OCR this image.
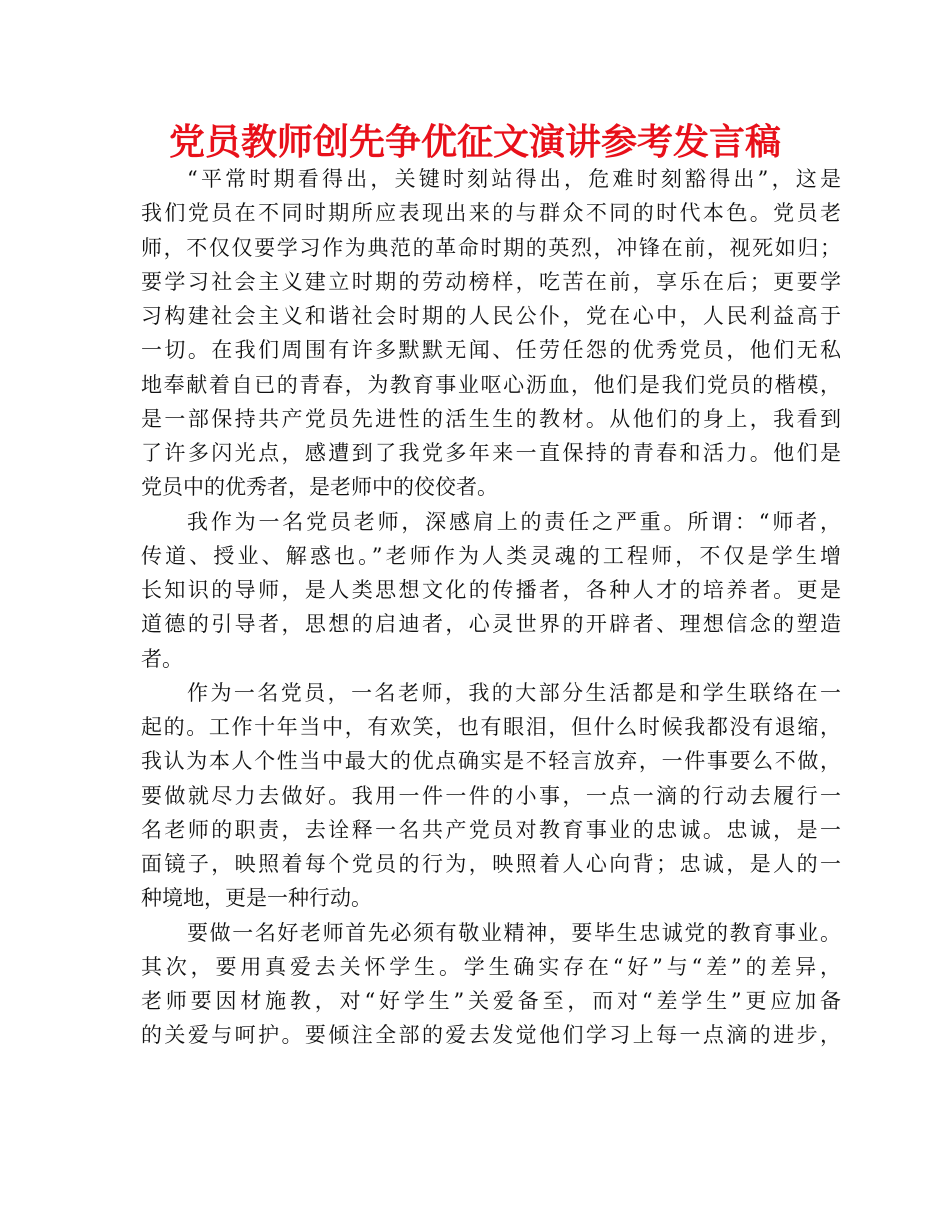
党员教师创先争优征文演讲参考发言稿
“平常时期看得出，关键时刻站得出，危难时刻豁得出”，这是
我们党员在不同时期所应表现出来的与群众不同的时代本色。党员老
师，不仅仅要学习作为典范的革命时期的英烈，冲锋在前，视死如归；
要学习社会主义建立时期的劳动榜样，吃苦在前，享乐在后；更要学
习构建社会主义和谐社会时期的人民公仆，党在心中，人民利益高于
一切。在我们周围有许多默默无闻、任劳任怨的优秀党员，他们无私
地奉献着自已的青春，为教育事业呕心沥血，他们是我们党员的楷模，
是一部保持共产党员先进性的活生生的教材。从他们的身上，我看到
了许多闪光点，感遭到了我党多年来一直保持的青春和活力。他们是
党员中的优秀者，是老师中的佼佼者。
我作为一名党员老师，深感肩上的责任之严重。所谓：“师者，
传道、授业、解惑也。”老师作为人类灵魂的工程师，不仅是学生增
长知识的导师，是人类思想文化的传播者，各种人才的培养者。更是
道德的引导者，思想的启迪者，心灵世界的开辟者、理想信念的塑造
者。
作为一名党员，一名老师，我的大部分生活都是和学生联络在一
起的。工作十年当中，有欢笑，也有眼泪，但什么时候我都没有退缩，
我认为本人个性当中最大的优点确实是不轻言放弃，一件事要么不做，
要做就尽力去做好。我用一件一件的小事，一点一滴的行动去履行一
名老师的职责，去诠释一名共产党员对教育事业的忠诚。忠诚，是一
面镜子，映照着每个党员的行为，映照着人心向背；忠诚，是人的一
种境地，更是一种行动。
要做一名好老师首先必须有敬业精神，要毕生忠诚党的教育事业。
其次，要用真爱去关怀学生。学生确实存在“好”与“差”的差异，
老师要因材施教，对“好学生”关爱备至，而对“差学生”更应加备
的关爱与呵护。要倾注全部的爱去发觉他们学习上每一点滴的进步，
